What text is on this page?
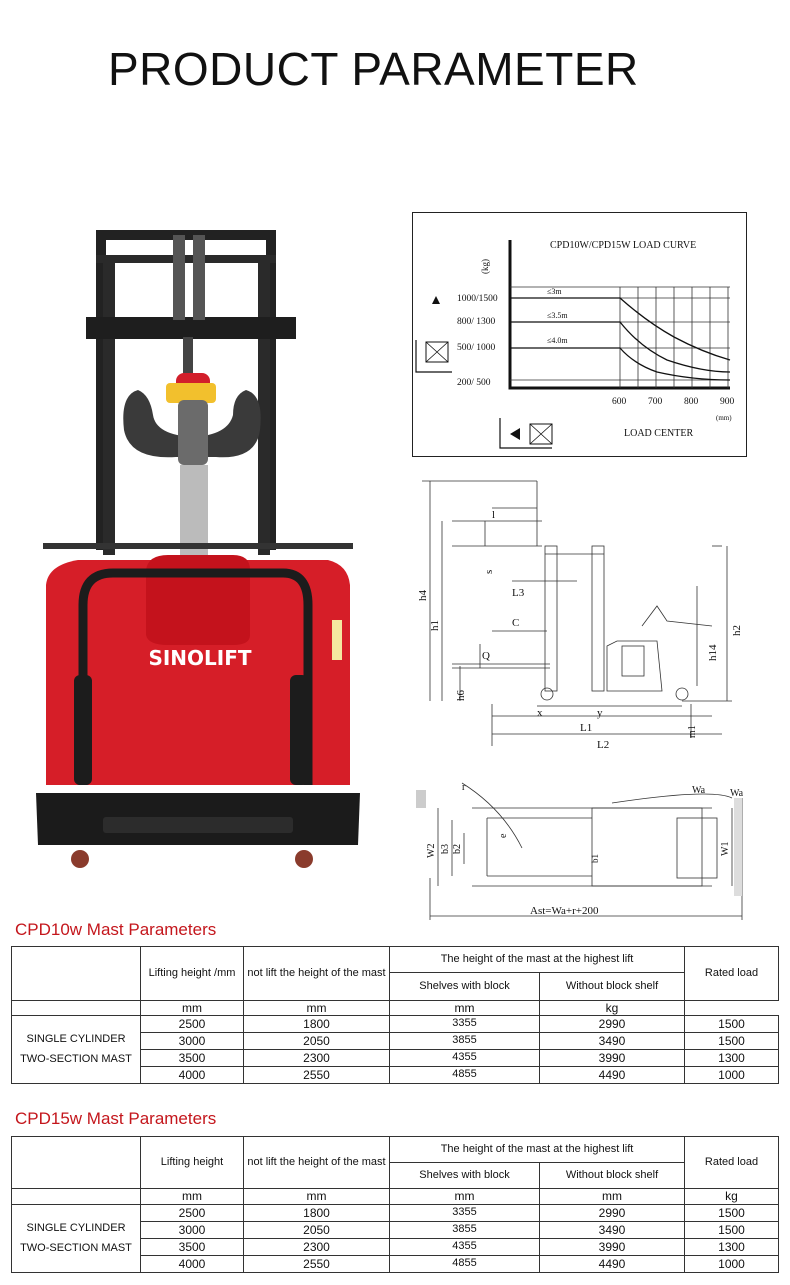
PRODUCT PARAMETER
SINOLIFT
CPD10W/CPD15W LOAD CURVE
(kg)
1000/1500
800/ 1300
500/ 1000
200/ 500
≤3m
≤3.5m
≤4.0m
600 700 800 900
(mm)
LOAD CENTER
l
s
h4
h1
L3
C
Q
h6
x	y
L1
L2
m1
h2
h14
r	Wa Wa
W2 b3 b2
e
b1
W1
Ast=Wa+r+200
CPD10w Mast Parameters
	Lifting height /mm	not lift the height of the mast	The height of the mast at the highest lift		Rated load
			Shelves with block	Without block shelf	
	mm	mm	mm	kg	

SINGLE CYLINDER
TWO-SECTION MAST	2500	1800	3355	2990	1500
	3000	2050	3855	3490	1500
	3500	2300	4355	3990	1300
	4000	2550	4855	4490	1000
CPD15w Mast Parameters
	Lifting height	not lift the height of the mast	The height of the mast at the highest lift		Rated load
			Shelves with block	Without block shelf	
	mm	mm	mm	mm	kg

SINGLE CYLINDER
TWO-SECTION MAST	2500	1800	3355	2990	1500
	3000	2050	3855	3490	1500
	3500	2300	4355	3990	1300
	4000	2550	4855	4490	1000
